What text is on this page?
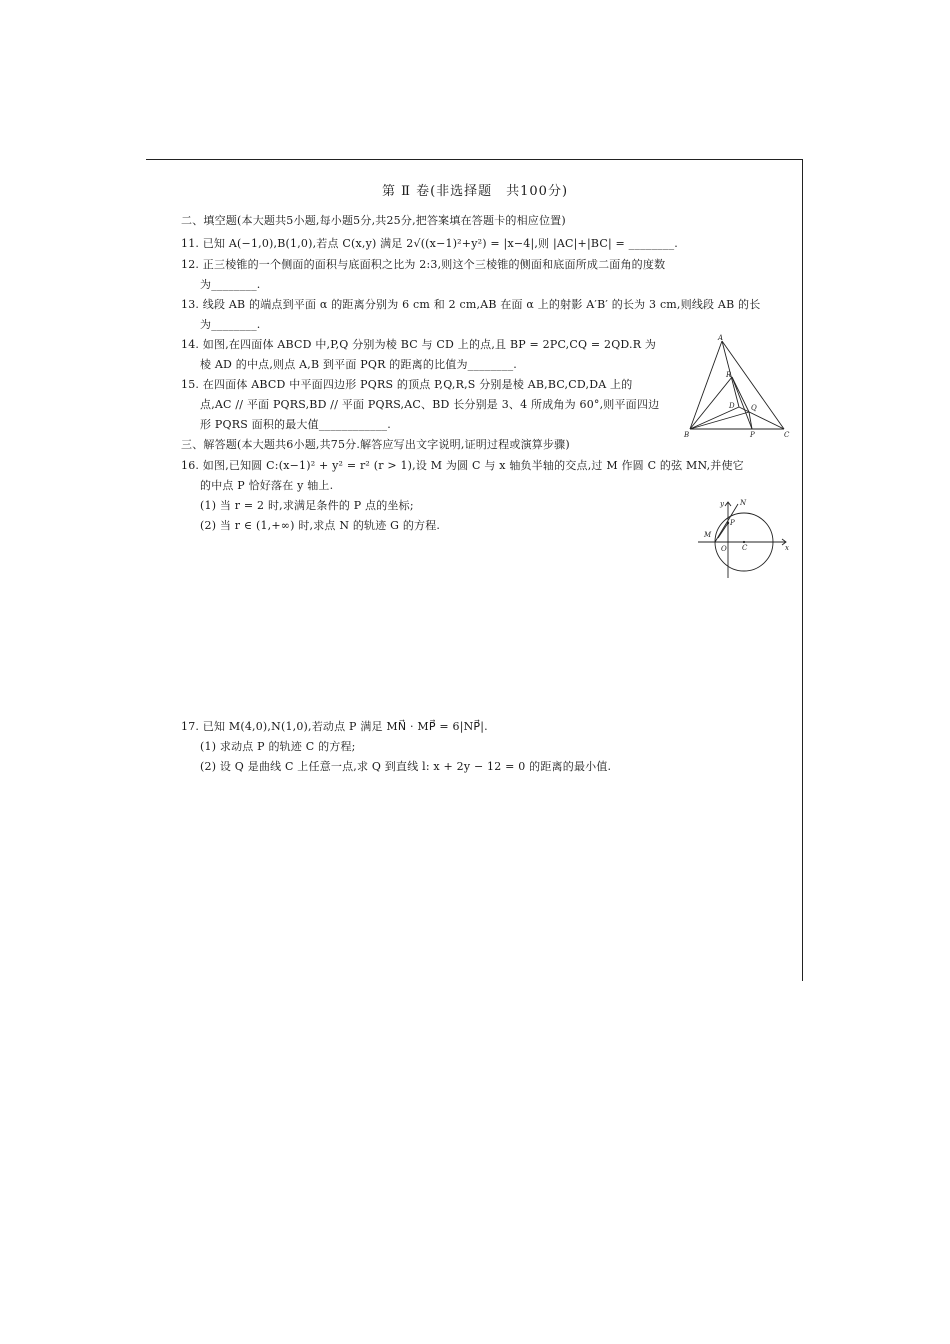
第 Ⅱ 卷(非选择题　共100分)
二、填空题(本大题共5小题,每小题5分,共25分,把答案填在答题卡的相应位置)
11. 已知 A(−1,0),B(1,0),若点 C(x,y) 满足 2√((x−1)²+y²) = |x−4|,则 |AC|+|BC| = ________.
12. 正三棱锥的一个侧面的面积与底面积之比为 2:3,则这个三棱锥的侧面和底面所成二面角的度数
为________.
13. 线段 AB 的端点到平面 α 的距离分别为 6 cm 和 2 cm,AB 在面 α 上的射影 A′B′ 的长为 3 cm,则线段 AB 的长
为________.
14. 如图,在四面体 ABCD 中,P,Q 分别为棱 BC 与 CD 上的点,且 BP = 2PC,CQ = 2QD.R 为
棱 AD 的中点,则点 A,B 到平面 PQR 的距离的比值为________.
15. 在四面体 ABCD 中平面四边形 PQRS 的顶点 P,Q,R,S 分别是棱 AB,BC,CD,DA 上的
点,AC // 平面 PQRS,BD // 平面 PQRS,AC、BD 长分别是 3、4 所成角为 60°,则平面四边
形 PQRS 面积的最大值____________.
三、解答题(本大题共6小题,共75分.解答应写出文字说明,证明过程或演算步骤)
16. 如图,已知圆 C:(x−1)² + y² = r² (r > 1),设 M 为圆 C 与 x 轴负半轴的交点,过 M 作圆 C 的弦 MN,并使它
的中点 P 恰好落在 y 轴上.
(1) 当 r = 2 时,求满足条件的 P 点的坐标;
(2) 当 r ∈ (1,+∞) 时,求点 N 的轨迹 G 的方程.
17. 已知 M(4,0),N(1,0),若动点 P 满足 MN⃗ · MP⃗ = 6|NP⃗|.
(1) 求动点 P 的轨迹 C 的方程;
(2) 设 Q 是曲线 C 上任意一点,求 Q 到直线 l: x + 2y − 12 = 0 的距离的最小值.
A
B	C
D
P
Q
R
y N
P
M
O C	x
